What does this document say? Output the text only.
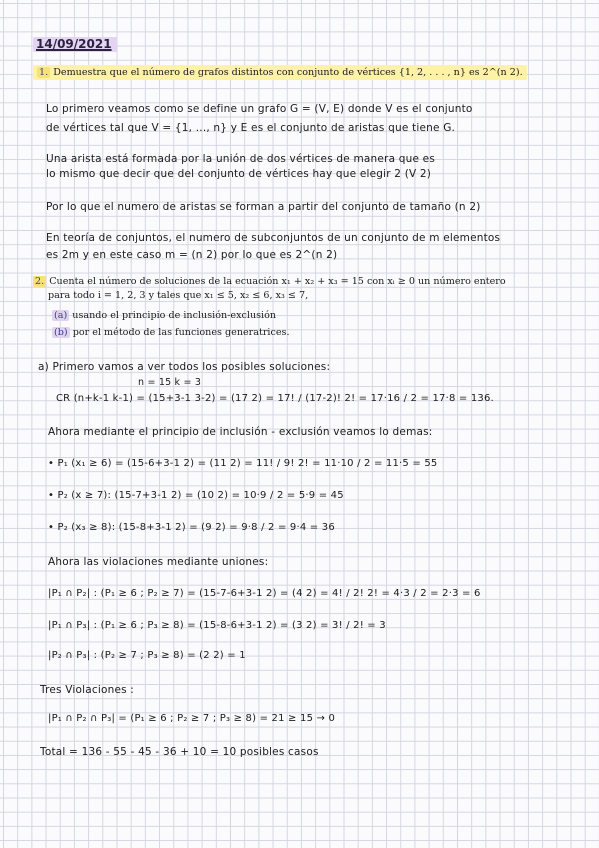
14/09/2021
1. Demuestra que el número de grafos distintos con conjunto de vértices {1, 2, . . . , n} es 2^(n 2).
Lo primero veamos como se define un grafo G = (V, E) donde V es el conjunto
de vértices tal que V = {1, ..., n} y E es el conjunto de aristas que tiene G.
Una arista está formada por la unión de dos vértices de manera que es
lo mismo que decir que del conjunto de vértices hay que elegir 2 (V 2)
Por lo que el numero de aristas se forman a partir del conjunto de tamaño (n 2)
En teoría de conjuntos, el numero de subconjuntos de un conjunto de m elementos
es 2m y en este caso m = (n 2) por lo que es 2^(n 2)
2. Cuenta el número de soluciones de la ecuación x₁ + x₂ + x₃ = 15 con xᵢ ≥ 0 un número entero
para todo i = 1, 2, 3 y tales que x₁ ≤ 5, x₂ ≤ 6, x₃ ≤ 7,
(a) usando el principio de inclusión-exclusión
(b) por el método de las funciones generatrices.
a) Primero vamos a ver todos los posibles soluciones:
n = 15 k = 3
CR (n+k-1 k-1) = (15+3-1 3-2) = (17 2) = 17! / (17-2)! 2! = 17·16 / 2 = 17·8 = 136.
Ahora mediante el principio de inclusión - exclusión veamos lo demas:
• P₁ (x₁ ≥ 6) = (15-6+3-1 2) = (11 2) = 11! / 9! 2! = 11·10 / 2 = 11·5 = 55
• P₂ (x ≥ 7): (15-7+3-1 2) = (10 2) = 10·9 / 2 = 5·9 = 45
• P₂ (x₃ ≥ 8): (15-8+3-1 2) = (9 2) = 9·8 / 2 = 9·4 = 36
Ahora las violaciones mediante uniones:
|P₁ ∩ P₂| : (P₁ ≥ 6 ; P₂ ≥ 7) = (15-7-6+3-1 2) = (4 2) = 4! / 2! 2! = 4·3 / 2 = 2·3 = 6
|P₁ ∩ P₃| : (P₁ ≥ 6 ; P₃ ≥ 8) = (15-8-6+3-1 2) = (3 2) = 3! / 2! = 3
|P₂ ∩ P₃| : (P₂ ≥ 7 ; P₃ ≥ 8) = (2 2) = 1
Tres Violaciones :
|P₁ ∩ P₂ ∩ P₃| = (P₁ ≥ 6 ; P₂ ≥ 7 ; P₃ ≥ 8) = 21 ≥ 15 → 0
Total = 136 - 55 - 45 - 36 + 10 = 10 posibles casos
